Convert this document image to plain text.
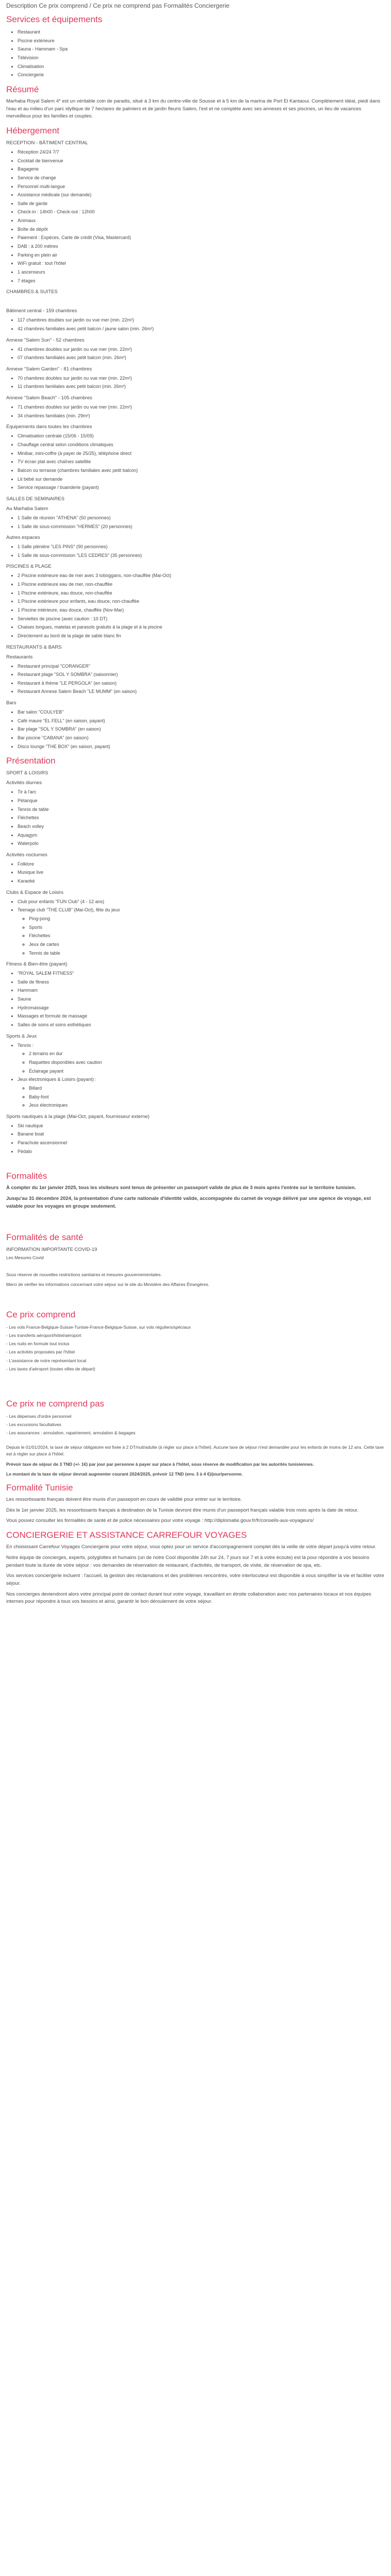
Description Ce prix comprend / Ce prix ne comprend pas Formalités Conciergerie
Services et équipements
• Restaurant
• Piscine extérieure
• Sauna - Hammam - Spa
• Télévision
• Climatisation
• Conciergerie
Résumé

Marhaba Royal Salem 4* est un véritable coin de paradis, situé à 3 km du centre-ville de Sousse et à 5 km de la marina de Port El Kantaoui. Complètement idéal, piedi dans l'eau et au milieu d'un parc idyllique de 7 hectares de palmiers et de jardin fleuris Salem, l'est et ne complète avec ses annexes et ses piscines, un lieu de vacances merveilleux pour les familles et couples.

Hébergement
RECEPTION - BÂTIMENT CENTRAL
• Réception 24/24 7/7
• Cocktail de bienvenue
• Bagagerie
• Service de change
• Personnel multi-langue
• Assistance médicale (sur demande)
• Salle de garde
• Check-in : 14h00 - Check-out : 12h00
• Animaux
• Boîte de dépôt
• Paiement : Espèces, Carte de crédit (Visa, Mastercard)
• DAB : à 200 mètres
• Parking en plein air
• WiFi gratuit : tout l'hôtel
• 1 ascenseurs
• 7 étages
CHAMBRES & SUITES
Bâtiment central - 159 chambres
• 117 chambres doubles sur jardin ou vue mer (min. 22m²)
• 42 chambres familiales avec petit balcon / jaune salon (min. 26m²)
Annexe "Salem Sun" - 52 chambres
• 41 chambres doubles sur jardin ou vue mer (min. 22m²)
• 07 chambres familiales avec petit balcon (min. 26m²)
Annexe "Salem Garden" - 81 chambres
• 70 chambres doubles sur jardin ou vue mer (min. 22m²)
• 11 chambres familiales avec petit balcon (min. 26m²)
Annexe "Salem Beach" - 105 chambres
• 71 chambres doubles sur jardin ou vue mer (min. 22m²)
• 34 chambres familiales (min. 29m²)
Équipements dans toutes les chambres
• Climatisation centrale (15/06 - 15/09)
• Chauffage central selon conditions climatiques
• Minibar, mini-coffre (à payer de 25/25), téléphone direct
• TV écran plat avec chaînes satellite
• Balcon ou terrasse (chambres familiales avec petit balcon)
• Lit bébé sur demande
• Service repassage / buanderie (payant)
SALLES DE SEMINAIRES
Au Marhaba Salem
• 1 Salle de réunion "ATHENA" (50 personnes)
• 1 Salle de sous-commission "HERMES" (20 personnes)
Autres espaces
• 1 Salle plénière "LES PINS" (90 personnes)
• 1 Salle de sous-commission "LES CEDRES" (35 personnes)
PISCINES & PLAGE
• 2 Piscine extérieure eau de mer avec 3 toboggans, non-chauffée (Mai-Oct)
• 1 Piscine extérieure eau de mer, non-chauffée
• 1 Piscine extérieure, eau douce, non-chauffée
• 1 Piscine extérieure pour enfants, eau douce, non-chauffée
• 1 Piscine intérieure, eau douce, chauffée (Nov-Mar)
• Serviettes de piscine (avec caution : 10 DT)
• Chaises longues, matelas et parasols gratuits à la plage et à la piscine
• Directement au bord de la plage de sable blanc fin
RESTAURANTS & BARS
Restaurants
• Restaurant principal "CORANGER"
• Restaurant plage "SOL Y SOMBRA" (saisonnier)
• Restaurant à thème "LE PERGOLA" (en saison)
• Restaurant Annexe Salem Beach "LE MUMM" (en saison)
Bars
• Bar salon "COULYEB"
• Café maure "EL FELL" (en saison, payant)
• Bar plage "SOL Y SOMBRA" (en saison)
• Bar piscine "CABANA" (en saison)
• Disco lounge "THE BOX" (en saison, payant)
Présentation
SPORT & LOISIRS
Activités diurnes
• Tir à l'arc
• Pétanque
• Tennis de table
• Fléchettes
• Beach volley
• Aquagym
• Waterpolo
Activités nocturnes
• Folklore
• Musique live
• Karaoké
Clubs & Espace de Loisirs
• Club pour enfants "FUN Club" (4 - 12 ans)
• Teenage club "THE CLUB" (Mai-Oct), fête du jeux
◦ Ping-pong
◦ Sports
◦ Fléchettes
◦ Jeux de cartes
◦ Tennis de table
Fitness & Bien-être (payant)
• "ROYAL SALEM FITNESS"
• Salle de fitness
• Hammam
• Sauna
• Hydromassage
• Massages et formule de massage
• Salles de soins et soins esthétiques
Sports & Jeux
• Tennis :
◦ 2 terrains en dur
◦ Raquettes disponibles avec caution
◦ Éclairage payant
• Jeux électroniques & Loisirs (payant) :
◦ Billard
◦ Baby-foot
◦ Jeux électroniques
Sports nautiques à la plage (Mai-Oct, payant, fournisseur externe)
• Ski nautique
• Banane boat
• Parachute ascensionnel
• Pédalo
Formalités

À compter du 1er janvier 2025, tous les visiteurs sont tenus de présenter un passeport valide de plus de 3 mois après l'entrée sur le territoire tunisien.

Jusqu'au 31 décembre 2024, la présentation d'une carte nationale d'identité valide, accompagnée du carnet de voyage délivré par une agence de voyage, est valable pour les voyages en groupe seulement.

Formalités de santé
INFORMATION IMPORTANTE COVID-19

Les Mesures Covid

Sous réserve de nouvelles restrictions sanitaires et mesures gouvernementales.

Merci de vérifier les informations concernant votre séjour sur le site du Ministère des Affaires Étrangères.

Ce prix comprend
- Les vols France-Belgique-Suisse-Tunisie-France-Belgique-Suisse, sur vols réguliers/spéciaux
- Les transferts aéroport/hôtel/aéroport
- Les nuits en formule tout inclus
- Les activités proposées par l'hôtel
- L'assistance de notre représentant local
- Les taxes d'aéroport (toutes villes de départ)
Ce prix ne comprend pas
- Les dépenses d'ordre personnel
- Les excursions facultatives
- Les assurances : annulation, rapatriement, annulation & bagages

Depuis le 01/01/2024, la taxe de séjour obligatoire est fixée à 2 DT/nuit/adulte (à régler sur place à l'hôtel). Aucune taxe de séjour n'est demandée pour les enfants de moins de 12 ans. Cette taxe est à régler sur place à l'hôtel.

Prévoir taxe de séjour de 3 TND (+/- 1€) par jour par personne à payer sur place à l'hôtel, sous réserve de modification par les autorités tunisiennes.

Le montant de la taxe de séjour devrait augmenter courant 2024/2025, prévoir 12 TND (env. 3 à 4 €)/jour/personne.

Formalité Tunisie

Les ressortissants français doivent être munis d'un passeport en cours de validité pour entrer sur le territoire.

Dès le 1er janvier 2025, les ressortissants français à destination de la Tunisie devront être munis d'un passeport français valable trois mois après la date de retour.

Vous pouvez consulter les formalités de santé et de police nécessaires pour votre voyage : http://diplomatie.gouv.fr/fr/conseils-aux-voyageurs/

CONCIERGERIE ET ASSISTANCE CARREFOUR VOYAGES

En choisissant Carrefour Voyages Conciergerie pour votre séjour, vous optez pour un service d'accompagnement complet dès la veille de votre départ jusqu'à votre retour.

Notre équipe de concierges, experts, polyglottes et humains (un de notre Cool disponible 24h sur 24, 7 jours sur 7 et à votre écoute) est là pour répondre à vos besoins pendant toute la durée de votre séjour : vos demandes de réservation de restaurant, d'activités, de transport, de visite, de réservation de spa, etc.

Vos services conciergerie incluent : l'accueil, la gestion des réclamations et des problèmes rencontrés, votre interlocuteur est disponible à vous simplifier la vie et faciliter votre séjour.

Nos concierges deviendront alors votre principal point de contact durant tout votre voyage, travaillant en étroite collaboration avec nos partenaires locaux et nos équipes internes pour répondre à tous vos besoins et ainsi, garantir le bon déroulement de votre séjour.
